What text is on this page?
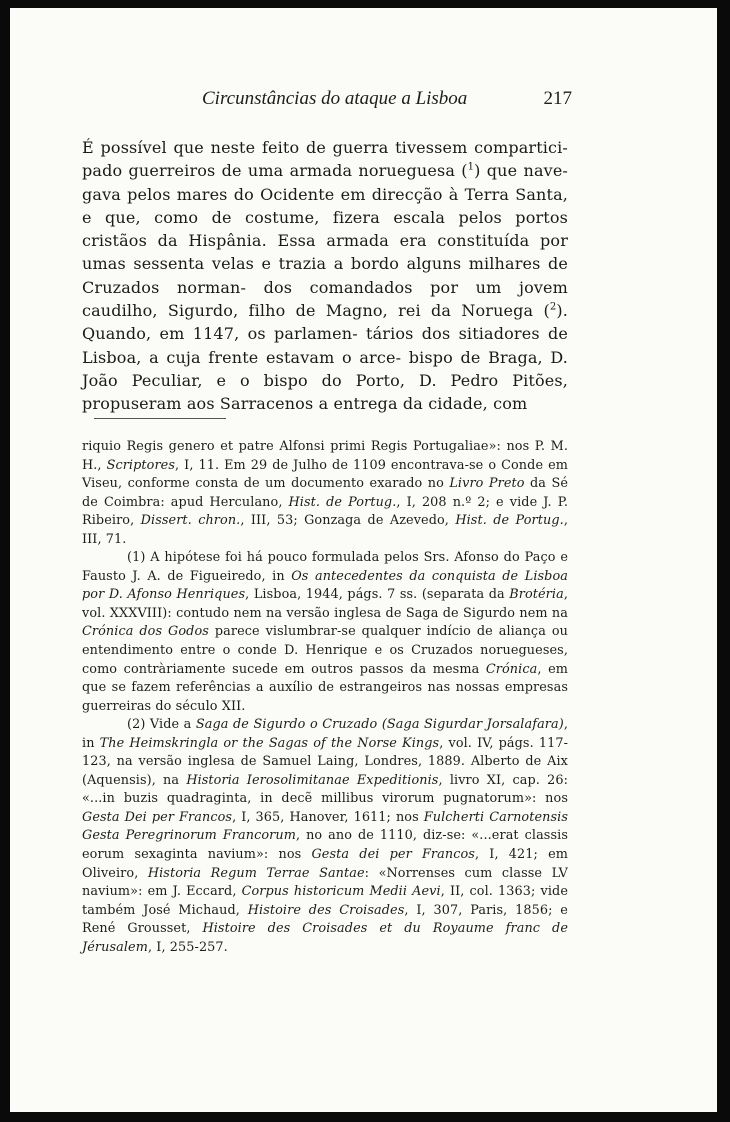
Circunstâncias do ataque a Lisboa	217

É possível que neste feito de guerra tivessem compartici- pado guerreiros de uma armada norueguesa ($^1$) que nave- gava pelos mares do Ocidente em direcção à Terra Santa, e que, como de costume, fizera escala pelos portos cristãos da Hispânia. Essa armada era constituída por umas sessenta velas e trazia a bordo alguns milhares de Cruzados norman- dos comandados por um jovem caudilho, Sigurdo, filho de Magno, rei da Noruega ($^2$). Quando, em 1147, os parlamen- tários dos sitiadores de Lisboa, a cuja frente estavam o arce- bispo de Braga, D. João Peculiar, e o bispo do Porto, D. Pedro Pitões, propuseram aos Sarracenos a entrega da cidade, com

riquio Regis genero et patre Alfonsi primi Regis Portugaliae»: nos P. M. H., Scriptores, I, 11. Em 29 de Julho de 1109 encontrava-se o Conde em Viseu, conforme consta de um documento exarado no Livro Preto da Sé de Coimbra: apud Herculano, Hist. de Portug., I, 208 n.º 2; e vide J. P. Ribeiro, Dissert. chron., III, 53; Gonzaga de Azevedo, Hist. de Portug., III, 71.

(1) A hipótese foi há pouco formulada pelos Srs. Afonso do Paço e Fausto J. A. de Figueiredo, in Os antecedentes da conquista de Lisboa por D. Afonso Henriques, Lisboa, 1944, págs. 7 ss. (separata da Brotéria, vol. XXXVIII): contudo nem na versão inglesa de Saga de Sigurdo nem na Crónica dos Godos parece vislumbrar-se qualquer indício de aliança ou entendimento entre o conde D. Henrique e os Cruzados noruegueses, como contràriamente sucede em outros passos da mesma Crónica, em que se fazem referências a auxílio de estrangeiros nas nossas empresas guerreiras do século XII.

(2) Vide a Saga de Sigurdo o Cruzado (Saga Sigurdar Jorsalafara), in The Heimskringla or the Sagas of the Norse Kings, vol. IV, págs. 117-123, na versão inglesa de Samuel Laing, Londres, 1889. Alberto de Aix (Aquensis), na Historia Ierosolimitanae Expeditionis, livro XI, cap. 26: «...in buzis quadraginta, in decẽ millibus virorum pugnatorum»: nos Gesta Dei per Francos, I, 365, Hanover, 1611; nos Fulcherti Carnotensis Gesta Peregrinorum Francorum, no ano de 1110, diz-se: «...erat classis eorum sexaginta navium»: nos Gesta dei per Francos, I, 421; em Oliveiro, Historia Regum Terrae Santae: «Norrenses cum classe LV navium»: em J. Eccard, Corpus historicum Medii Aevi, II, col. 1363; vide também José Michaud, Histoire des Croisades, I, 307, Paris, 1856; e René Grousset, Histoire des Croisades et du Royaume franc de Jérusalem, I, 255-257.
